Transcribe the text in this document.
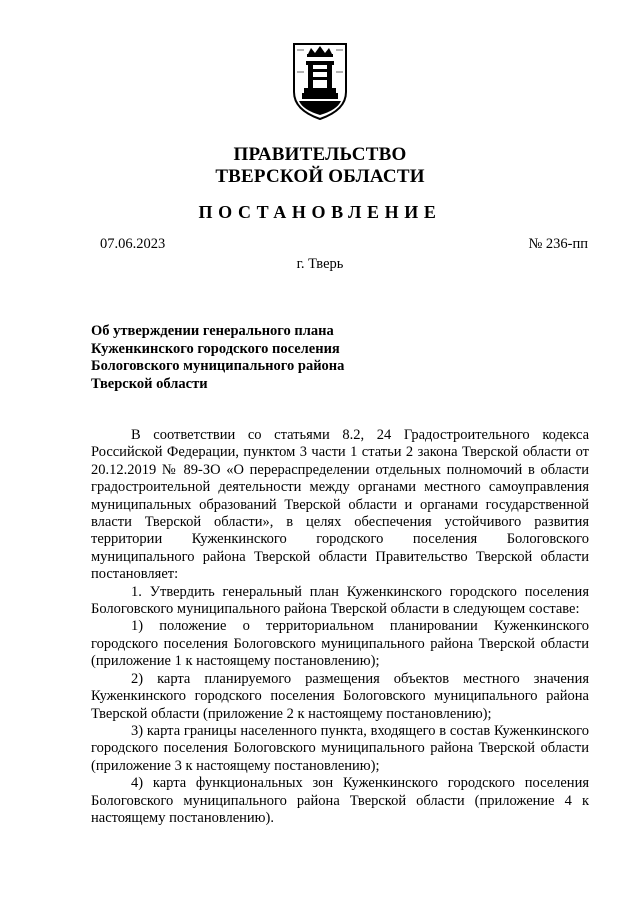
ПРАВИТЕЛЬСТВО
ТВЕРСКОЙ ОБЛАСТИ
ПОСТАНОВЛЕНИЕ
07.06.2023	№ 236-пп
г. Тверь
Об утверждении генерального плана
Куженкинского городского поселения
Бологовского муниципального района
Тверской области

В соответствии со статьями 8.2, 24 Градостроительного кодекса Российской Федерации, пунктом 3 части 1 статьи 2 закона Тверской области от 20.12.2019 № 89-ЗО «О перераспределении отдельных полномочий в области градостроительной деятельности между органами местного самоуправления муниципальных образований Тверской области и органами государственной власти Тверской области», в целях обеспечения устойчивого развития территории Куженкинского городского поселения Бологовского муниципального района Тверской области Правительство Тверской области постановляет:

1. Утвердить генеральный план Куженкинского городского поселения Бологовского муниципального района Тверской области в следующем составе:

1) положение о территориальном планировании Куженкинского городского поселения Бологовского муниципального района Тверской области (приложение 1 к настоящему постановлению);

2) карта планируемого размещения объектов местного значения Куженкинского городского поселения Бологовского муниципального района Тверской области (приложение 2 к настоящему постановлению);

3) карта границы населенного пункта, входящего в состав Куженкинского городского поселения Бологовского муниципального района Тверской области (приложение 3 к настоящему постановлению);

4) карта функциональных зон Куженкинского городского поселения Бологовского муниципального района Тверской области (приложение 4 к настоящему постановлению).
